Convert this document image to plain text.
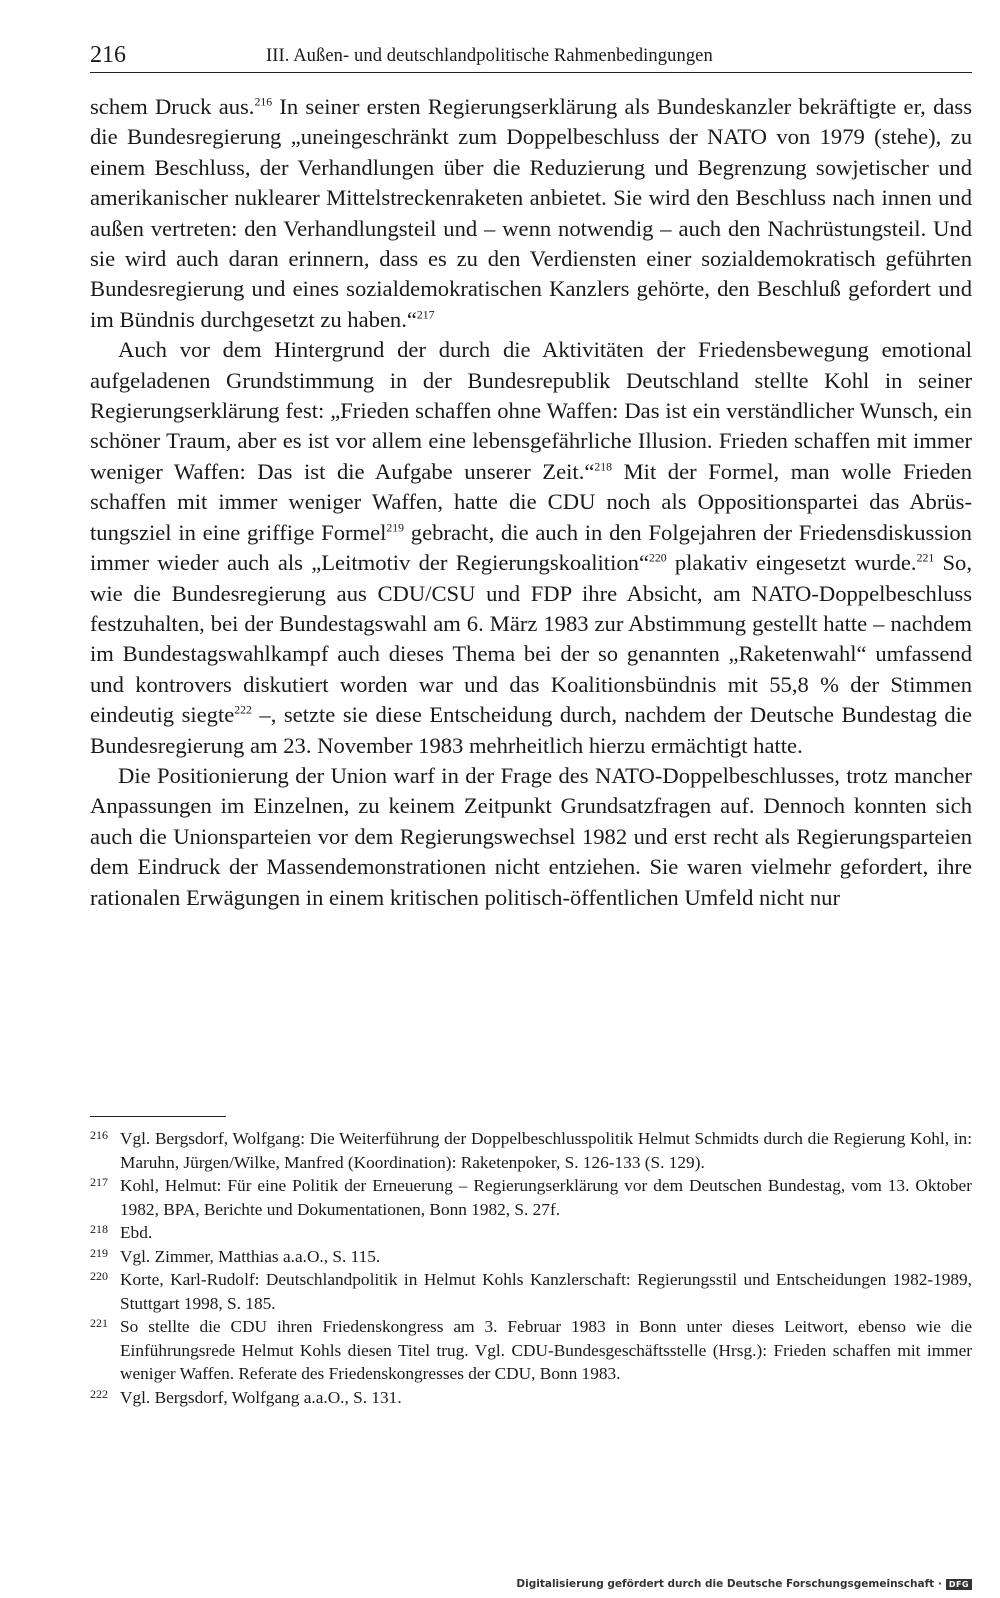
216	III. Außen- und deutschlandpolitische Rahmenbedingungen

schem Druck aus.$^{216}$ In seiner ersten Regierungserklärung als Bundeskanzler bekräftigte er, dass die Bundesregierung „uneingeschränkt zum Doppelbeschluss der NATO von 1979 (stehe), zu einem Beschluss, der Verhandlungen über die Reduzierung und Begrenzung sowjetischer und amerikanischer nuklearer Mittelstreckenraketen anbietet. Sie wird den Beschluss nach innen und außen vertreten: den Verhandlungsteil und – wenn notwendig – auch den Nachrüstungsteil. Und sie wird auch daran erinnern, dass es zu den Verdiensten einer sozialdemokratisch geführten Bundesregierung und eines sozialdemokratischen Kanzlers gehörte, den Beschluß gefordert und im Bündnis durchgesetzt zu haben.“$^{217}$

Auch vor dem Hintergrund der durch die Aktivitäten der Friedensbewegung emotional aufgeladenen Grundstimmung in der Bundesrepublik Deutschland stellte Kohl in seiner Regierungserklärung fest: „Frieden schaffen ohne Waffen: Das ist ein verständlicher Wunsch, ein schöner Traum, aber es ist vor allem eine lebensgefährliche Illusion. Frieden schaffen mit immer weniger Waffen: Das ist die Aufgabe unserer Zeit.“$^{218}$ Mit der Formel, man wolle Frieden schaffen mit immer weniger Waffen, hatte die CDU noch als Oppositionspartei das Abrüstungsziel in eine griffige Formel$^{219}$ gebracht, die auch in den Folgejahren der Friedensdiskussion immer wieder auch als „Leitmotiv der Regierungskoalition“$^{220}$ plakativ eingesetzt wurde.$^{221}$ So, wie die Bundesregierung aus CDU/CSU und FDP ihre Absicht, am NATO-Doppelbeschluss festzuhalten, bei der Bundestagswahl am 6. März 1983 zur Abstimmung gestellt hatte – nachdem im Bundestagswahlkampf auch dieses Thema bei der so genannten „Raketenwahl“ umfassend und kontrovers diskutiert worden war und das Koalitionsbündnis mit 55,8 % der Stimmen eindeutig siegte$^{222}$ –, setzte sie diese Entscheidung durch, nachdem der Deutsche Bundestag die Bundesregierung am 23. November 1983 mehrheitlich hierzu ermächtigt hatte.

Die Positionierung der Union warf in der Frage des NATO-Doppelbeschlusses, trotz mancher Anpassungen im Einzelnen, zu keinem Zeitpunkt Grundsatzfragen auf. Dennoch konnten sich auch die Unionsparteien vor dem Regierungswechsel 1982 und erst recht als Regierungsparteien dem Eindruck der Massendemonstrationen nicht entziehen. Sie waren vielmehr gefordert, ihre rationalen Erwägungen in einem kritischen politisch-öffentlichen Umfeld nicht nur

216 Vgl. Bergsdorf, Wolfgang: Die Weiterführung der Doppelbeschlusspolitik Helmut Schmidts durch die Regierung Kohl, in: Maruhn, Jürgen/Wilke, Manfred (Koordination): Raketenpoker, S. 126-133 (S. 129).
217 Kohl, Helmut: Für eine Politik der Erneuerung – Regierungserklärung vor dem Deutschen Bundestag, vom 13. Oktober 1982, BPA, Berichte und Dokumentationen, Bonn 1982, S. 27f.
218 Ebd.
219 Vgl. Zimmer, Matthias a.a.O., S. 115.
220 Korte, Karl-Rudolf: Deutschlandpolitik in Helmut Kohls Kanzlerschaft: Regierungsstil und Entscheidungen 1982-1989, Stuttgart 1998, S. 185.
221 So stellte die CDU ihren Friedenskongress am 3. Februar 1983 in Bonn unter dieses Leitwort, ebenso wie die Einführungsrede Helmut Kohls diesen Titel trug. Vgl. CDU-Bundesgeschäftsstelle (Hrsg.): Frieden schaffen mit immer weniger Waffen. Referate des Friedenskongresses der CDU, Bonn 1983.
222 Vgl. Bergsdorf, Wolfgang a.a.O., S. 131.
Digitalisierung gefördert durch die Deutsche Forschungsgemeinschaft · DFG
